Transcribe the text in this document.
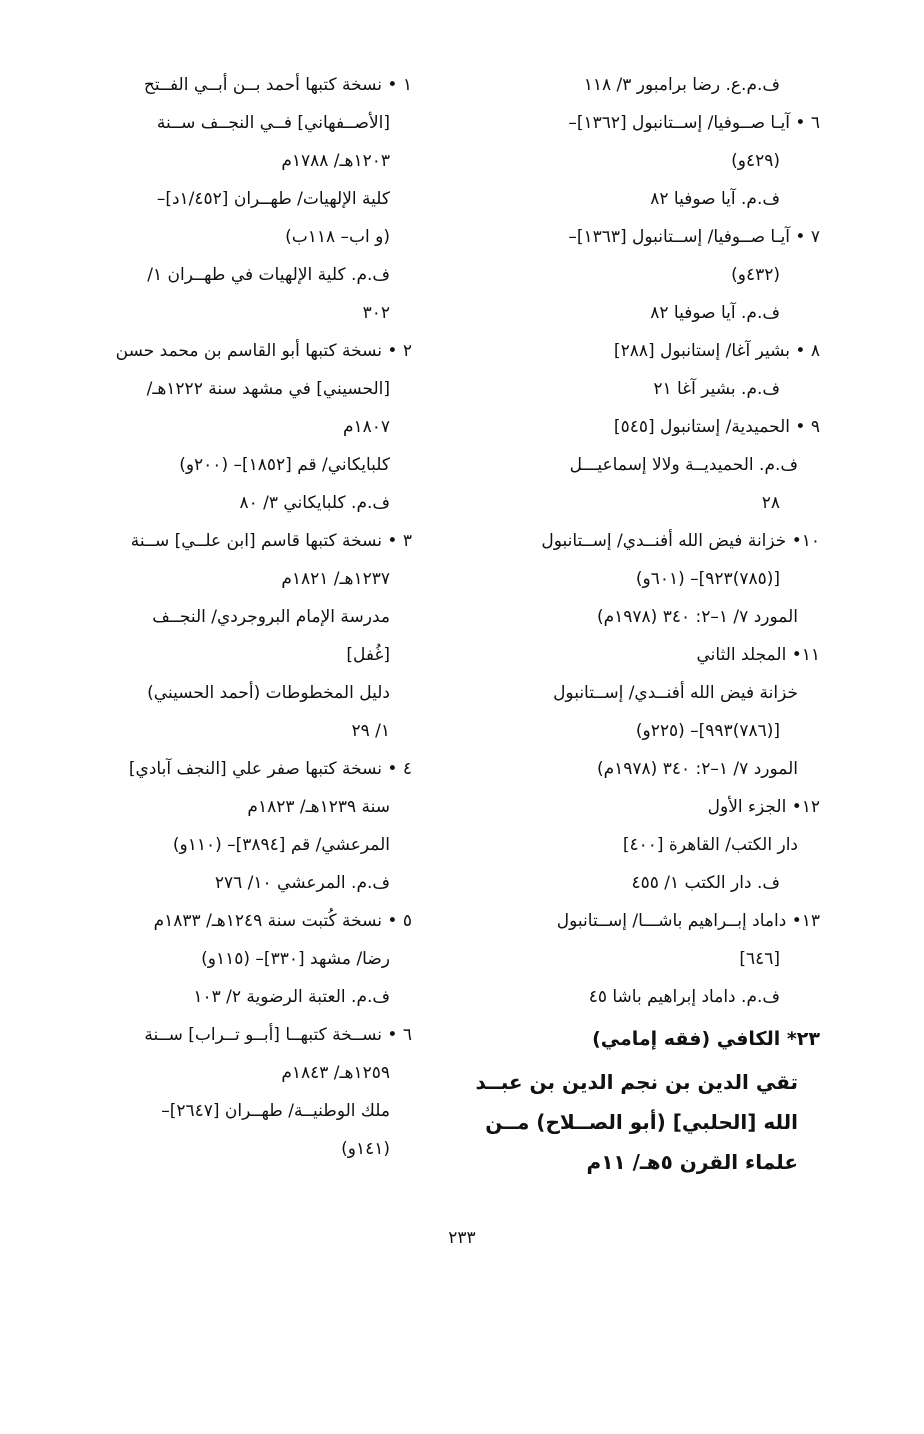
ف.م.ع. رضا برامبور ٣/ ١١٨
٦ • آيـا صــوفيا/ إســتانبول [١٣٦٢]–
(٤٢٩و)
ف.م. آيا صوفيا ٨٢
٧ • آيـا صــوفيا/ إســتانبول [١٣٦٣]–
(٤٣٢و)
ف.م. آيا صوفيا ٨٢
٨ • بشير آغا/ إستانبول [٢٨٨]
ف.م. بشير آغا ٢١
٩ • الحميدية/ إستانبول [٥٤٥]
ف.م. الحميديــة ولالا إسماعيـــل
٢٨
١٠• خزانة فيض الله أفنــدي/ إســتانبول
[(٧٨٥)٩٢٣]– (٦٠١و)
المورد ٧/ ١–٢: ٣٤٠ (١٩٧٨م)
١١• المجلد الثاني
خزانة فيض الله أفنــدي/ إســتانبول
[(٧٨٦)٩٩٣]– (٢٢٥و)
المورد ٧/ ١–٢: ٣٤٠ (١٩٧٨م)
١٢• الجزء الأول
دار الكتب/ القاهرة [٤٠٠]
ف. دار الكتب ١/ ٤٥٥
١٣• داماد إبــراهيم باشـــا/ إســتانبول
[٦٤٦]
ف.م. داماد إبراهيم باشا ٤٥
٢٣* الكافي (فقه إمامي)
تقي الدين بن نجم الدين بن عبــد
الله [الحلبي] (أبو الصــلاح) مــن
علماء القرن ٥هـ/ ١١م
١ • نسخة كتبها أحمد بــن أبــي الفــتح
[الأصــفهاني] فــي النجــف ســنة
١٢٠٣هـ/ ١٧٨٨م
كلية الإلهيات/ طهــران [١/٤٥٢د]–
(و اب– ١١٨ب)
ف.م. كلية الإلهيات في طهــران ١/
٣٠٢
٢ • نسخة كتبها أبو القاسم بن محمد حسن
[الحسيني] في مشهد سنة ١٢٢٢هـ/
١٨٠٧م
كلبايكاني/ قم [١٨٥٢]– (٢٠٠و)
ف.م. كلبايكاني ٣/ ٨٠
٣ • نسخة كتبها قاسم [ابن علــي] ســنة
١٢٣٧هـ/ ١٨٢١م
مدرسة الإمام البروجردي/ النجــف
[غُفل]
دليل المخطوطات (أحمد الحسيني)
١/ ٢٩
٤ • نسخة كتبها صفر علي [النجف آبادي]
سنة ١٢٣٩هـ/ ١٨٢٣م
المرعشي/ قم [٣٨٩٤]– (١١٠و)
ف.م. المرعشي ١٠/ ٢٧٦
٥ • نسخة كُتبت سنة ١٢٤٩هـ/ ١٨٣٣م
رضا/ مشهد [٣٣٠]– (١١٥و)
ف.م. العتبة الرضوية ٢/ ١٠٣
٦ • نســخة كتبهــا [أبــو تــراب] ســنة
١٢٥٩هـ/ ١٨٤٣م
ملك الوطنيــة/ طهــران [٢٦٤٧]–
(١٤١و)
٢٣٣
